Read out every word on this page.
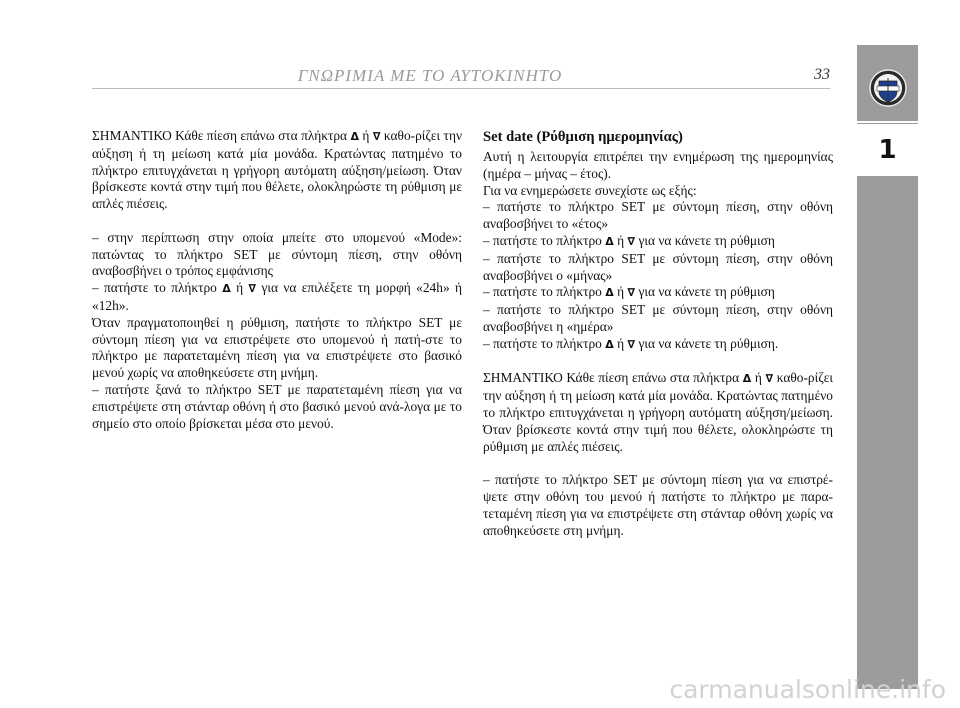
ΓΝΩΡΙΜΙΑ ΜΕ ΤΟ ΑΥΤΟΚΙΝΗΤΟ	33
1

ΣΗΜΑΝΤΙΚΟ Κάθε πίεση επάνω στα πλήκτρα Δ ή ∇ καθο-ρίζει την αύξηση ή τη μείωση κατά μία μονάδα. Κρατώντας πατημένο το πλήκτρο επιτυγχάνεται η γρήγορη αυτόματη αύξηση/μείωση. Όταν βρίσκεστε κοντά στην τιμή που θέλετε, ολοκληρώστε τη ρύθμιση με απλές πιέσεις.

– στην περίπτωση στην οποία μπείτε στο υπομενού «Mode»: πατώντας το πλήκτρο SET με σύντομη πίεση, στην οθόνη αναβοσβήνει ο τρόπος εμφάνισης

– πατήστε το πλήκτρο Δ ή ∇ για να επιλέξετε τη μορφή «24h» ή «12h».

Όταν πραγματοποιηθεί η ρύθμιση, πατήστε το πλήκτρο SET με σύντομη πίεση για να επιστρέψετε στο υπομενού ή πατή-στε το πλήκτρο με παρατεταμένη πίεση για να επιστρέψετε στο βασικό μενού χωρίς να αποθηκεύσετε στη μνήμη.

– πατήστε ξανά το πλήκτρο SET με παρατεταμένη πίεση για να επιστρέψετε στη στάνταρ οθόνη ή στο βασικό μενού ανά-λογα με το σημείο στο οποίο βρίσκεται μέσα στο μενού.

Set date (Ρύθμιση ημερομηνίας)

Αυτή η λειτουργία επιτρέπει την ενημέρωση της ημερομηνίας (ημέρα – μήνας – έτος).

Για να ενημερώσετε συνεχίστε ως εξής:

– πατήστε το πλήκτρο SET με σύντομη πίεση, στην οθόνη αναβοσβήνει το «έτος»

– πατήστε το πλήκτρο Δ ή ∇ για να κάνετε τη ρύθμιση

– πατήστε το πλήκτρο SET με σύντομη πίεση, στην οθόνη αναβοσβήνει ο «μήνας»

– πατήστε το πλήκτρο Δ ή ∇ για να κάνετε τη ρύθμιση

– πατήστε το πλήκτρο SET με σύντομη πίεση, στην οθόνη αναβοσβήνει η «ημέρα»

– πατήστε το πλήκτρο Δ ή ∇ για να κάνετε τη ρύθμιση.

ΣΗΜΑΝΤΙΚΟ Κάθε πίεση επάνω στα πλήκτρα Δ ή ∇ καθο-ρίζει την αύξηση ή τη μείωση κατά μία μονάδα. Κρατώντας πατημένο το πλήκτρο επιτυγχάνεται η γρήγορη αυτόματη αύξηση/μείωση. Όταν βρίσκεστε κοντά στην τιμή που θέλετε, ολοκληρώστε τη ρύθμιση με απλές πιέσεις.

– πατήστε το πλήκτρο SET με σύντομη πίεση για να επιστρέ-ψετε στην οθόνη του μενού ή πατήστε το πλήκτρο με παρα-τεταμένη πίεση για να επιστρέψετε στη στάνταρ οθόνη χωρίς να αποθηκεύσετε στη μνήμη.

carmanualsonline.info
